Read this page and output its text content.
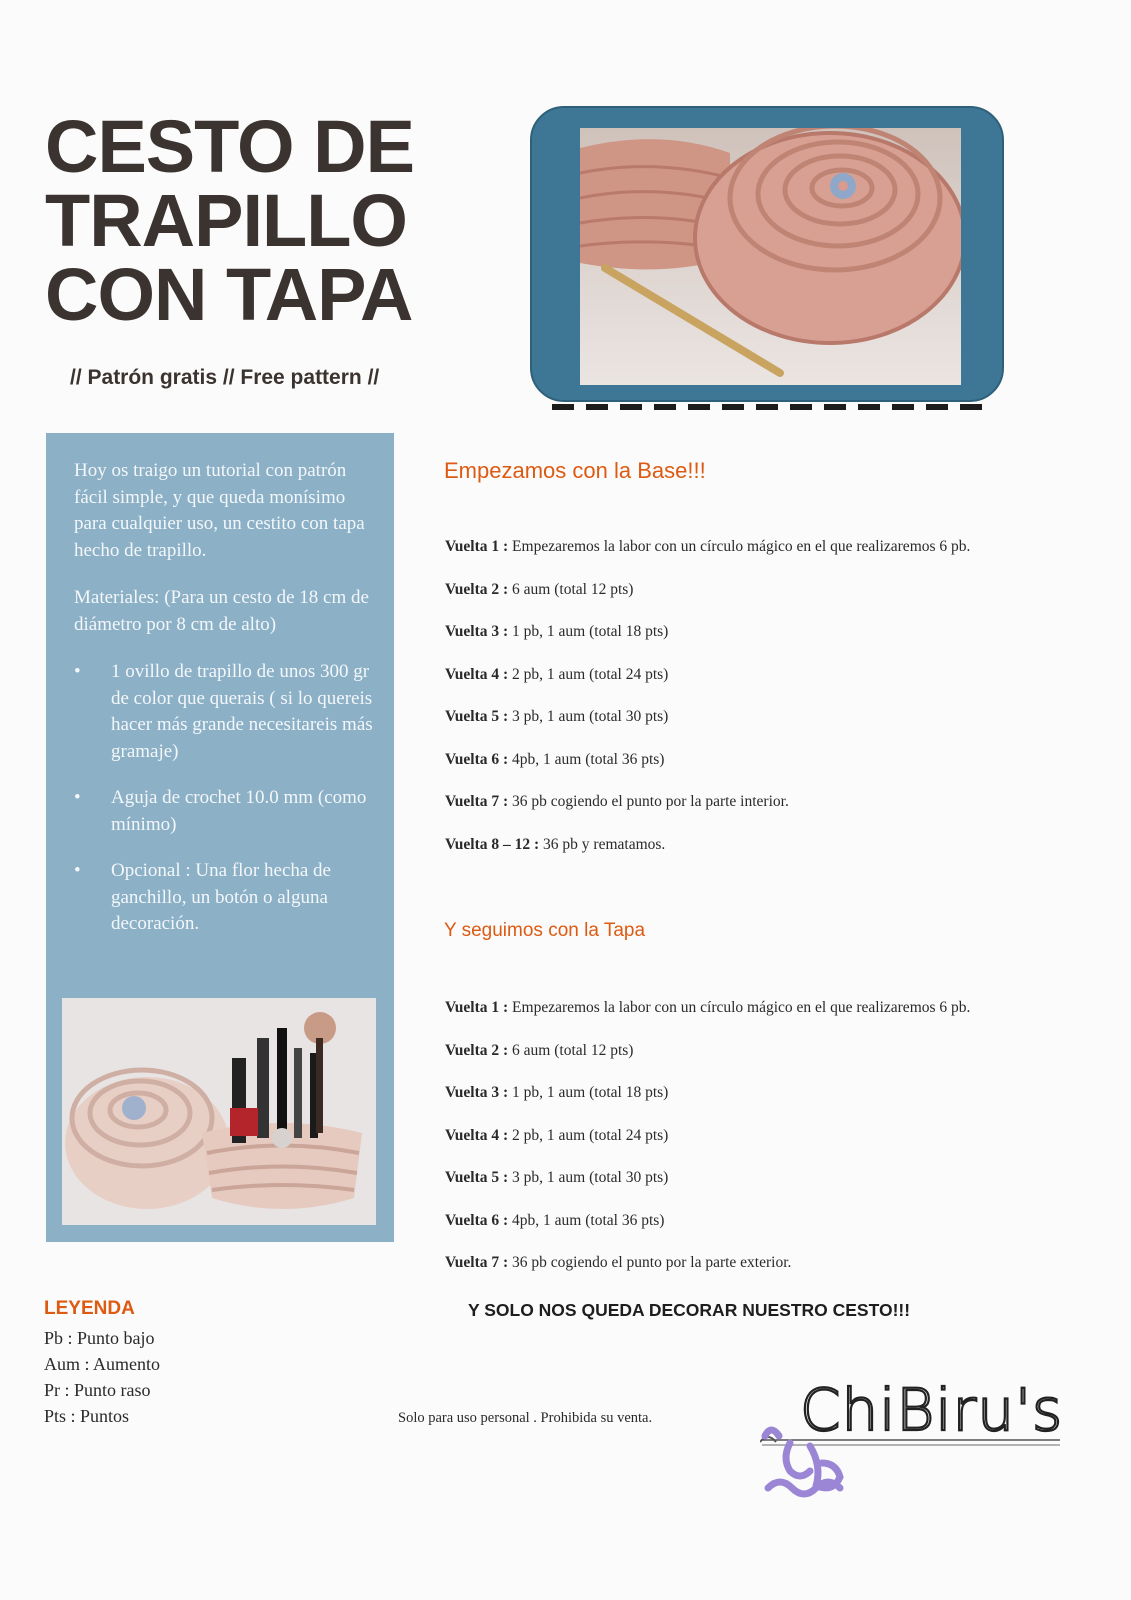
CESTO DE
TRAPILLO
CON TAPA
// Patrón gratis // Free pattern //

Hoy os traigo un tutorial con patrón fácil simple, y que queda monísimo para cualquier uso, un cestito con tapa hecho de trapillo.

Materiales: (Para un cesto de 18 cm de diámetro por 8 cm de alto)

• 1 ovillo de trapillo de unos 300 gr de color que querais ( si lo quereis hacer más grande necesitareis más gramaje)
• Aguja de crochet 10.0 mm (como mínimo)
• Opcional : Una flor hecha de ganchillo, un botón o alguna decoración.
Empezamos con la Base!!!
Vuelta 1 : Empezaremos la labor con un círculo mágico en el que realizaremos 6 pb.
Vuelta 2 : 6 aum (total 12 pts)
Vuelta 3 : 1 pb, 1 aum (total 18 pts)
Vuelta 4 : 2 pb, 1 aum (total 24 pts)
Vuelta 5 : 3 pb, 1 aum (total 30 pts)
Vuelta 6 : 4pb, 1 aum (total 36 pts)
Vuelta 7 : 36 pb cogiendo el punto por la parte interior.
Vuelta 8 – 12 : 36 pb y rematamos.
Y seguimos con la Tapa
Vuelta 1 : Empezaremos la labor con un círculo mágico en el que realizaremos 6 pb.
Vuelta 2 : 6 aum (total 12 pts)
Vuelta 3 : 1 pb, 1 aum (total 18 pts)
Vuelta 4 : 2 pb, 1 aum (total 24 pts)
Vuelta 5 : 3 pb, 1 aum (total 30 pts)
Vuelta 6 : 4pb, 1 aum (total 36 pts)
Vuelta 7 : 36 pb cogiendo el punto por la parte exterior.
Y SOLO NOS QUEDA DECORAR NUESTRO CESTO!!!
LEYENDA
Pb : Punto bajo
Aum : Aumento
Pr : Punto raso
Pts : Puntos	Solo para uso personal . Prohibida su venta.	ChiBiru's
